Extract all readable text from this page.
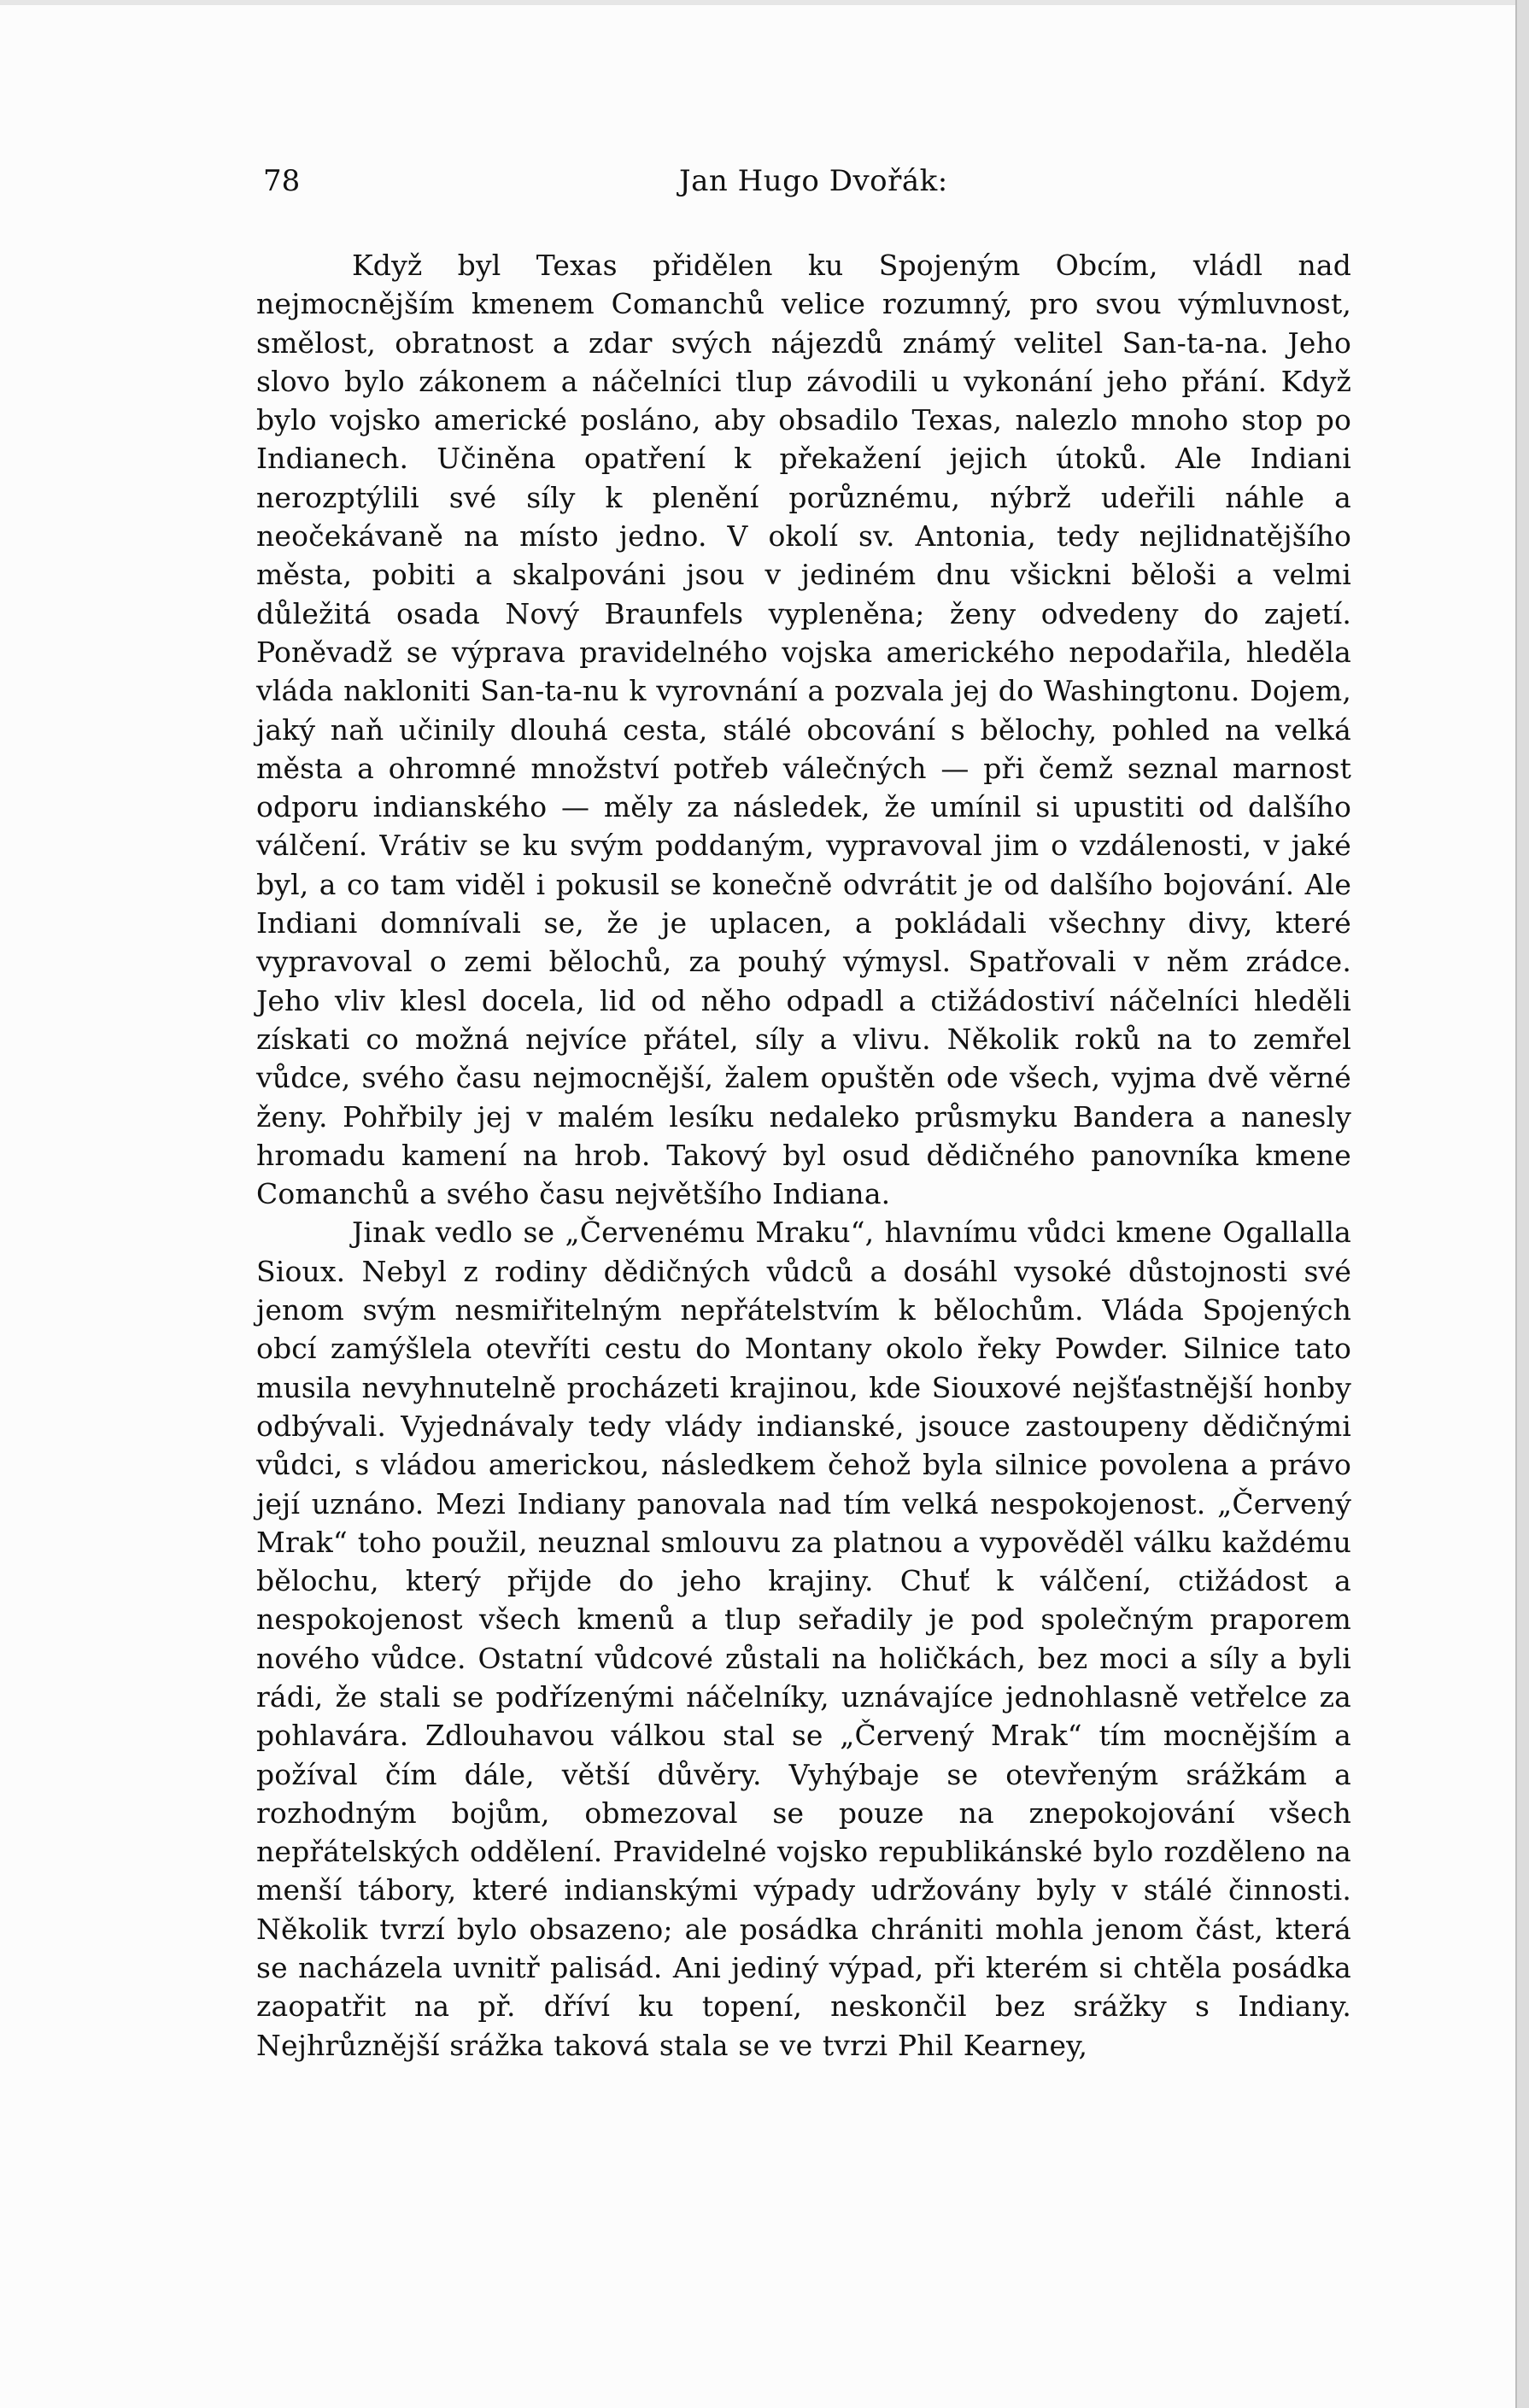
78	Jan Hugo Dvořák:

Když byl Texas přidělen ku Spojeným Obcím, vládl nad nejmocnějším kmenem Comanchů velice rozumný, pro svou výmluvnost, smělost, obratnost a zdar svých nájezdů známý velitel San-ta-na. Jeho slovo bylo zákonem a náčelníci tlup závodili u vykonání jeho přání. Když bylo vojsko americké posláno, aby obsadilo Texas, nalezlo mnoho stop po Indianech. Učiněna opatření k překažení jejich útoků. Ale Indiani nerozptýlili své síly k plenění porůznému, nýbrž udeřili náhle a neočekávaně na místo jedno. V okolí sv. Antonia, tedy nejlidnatějšího města, pobiti a skalpováni jsou v jediném dnu všickni běloši a velmi důležitá osada Nový Braunfels vypleněna; ženy odvedeny do zajetí. Poněvadž se výprava pravidelného vojska amerického nepodařila, hleděla vláda nakloniti San-ta-nu k vyrovnání a pozvala jej do Washingtonu. Dojem, jaký naň učinily dlouhá cesta, stálé obcování s bělochy, pohled na velká města a ohromné množství potřeb válečných — při čemž seznal marnost odporu indianského — měly za následek, že umínil si upustiti od dalšího válčení. Vrátiv se ku svým poddaným, vypravoval jim o vzdálenosti, v jaké byl, a co tam viděl i pokusil se konečně odvrátit je od dalšího bojování. Ale Indiani domnívali se, že je uplacen, a pokládali všechny divy, které vypravoval o zemi bělochů, za pouhý výmysl. Spatřovali v něm zrádce. Jeho vliv klesl docela, lid od něho odpadl a ctižádostiví náčelníci hleděli získati co možná nejvíce přátel, síly a vlivu. Několik roků na to zemřel vůdce, svého času nejmocnější, žalem opuštěn ode všech, vyjma dvě věrné ženy. Pohřbily jej v malém lesíku nedaleko průsmyku Bandera a nanesly hromadu kamení na hrob. Takový byl osud dědičného panovníka kmene Comanchů a svého času největšího Indiana.

Jinak vedlo se „Červenému Mraku“, hlavnímu vůdci kmene Ogallalla Sioux. Nebyl z rodiny dědičných vůdců a dosáhl vysoké důstojnosti své jenom svým nesmiřitelným nepřátelstvím k bělochům. Vláda Spojených obcí zamýšlela otevříti cestu do Montany okolo řeky Powder. Silnice tato musila nevyhnutelně procházeti krajinou, kde Siouxové nejšťastnější honby odbývali. Vyjednávaly tedy vlády indianské, jsouce zastoupeny dědičnými vůdci, s vládou americkou, následkem čehož byla silnice povolena a právo její uznáno. Mezi Indiany panovala nad tím velká nespokojenost. „Červený Mrak“ toho použil, neuznal smlouvu za platnou a vypověděl válku každému bělochu, který přijde do jeho krajiny. Chuť k válčení, ctižádost a nespokojenost všech kmenů a tlup seřadily je pod společným praporem nového vůdce. Ostatní vůdcové zůstali na holičkách, bez moci a síly a byli rádi, že stali se podřízenými náčelníky, uznávajíce jednohlasně vetřelce za pohlavára. Zdlouhavou válkou stal se „Červený Mrak“ tím mocnějším a požíval čím dále, větší důvěry. Vyhýbaje se otevřeným srážkám a rozhodným bojům, obmezoval se pouze na znepokojování všech nepřátelských oddělení. Pravidelné vojsko republikánské bylo rozděleno na menší tábory, které indianskými výpady udržovány byly v stálé činnosti. Několik tvrzí bylo obsazeno; ale posádka chrániti mohla jenom část, která se nacházela uvnitř palisád. Ani jediný výpad, při kterém si chtěla posádka zaopatřit na př. dříví ku topení, neskončil bez srážky s Indiany. Nejhrůznější srážka taková stala se ve tvrzi Phil Kearney,
